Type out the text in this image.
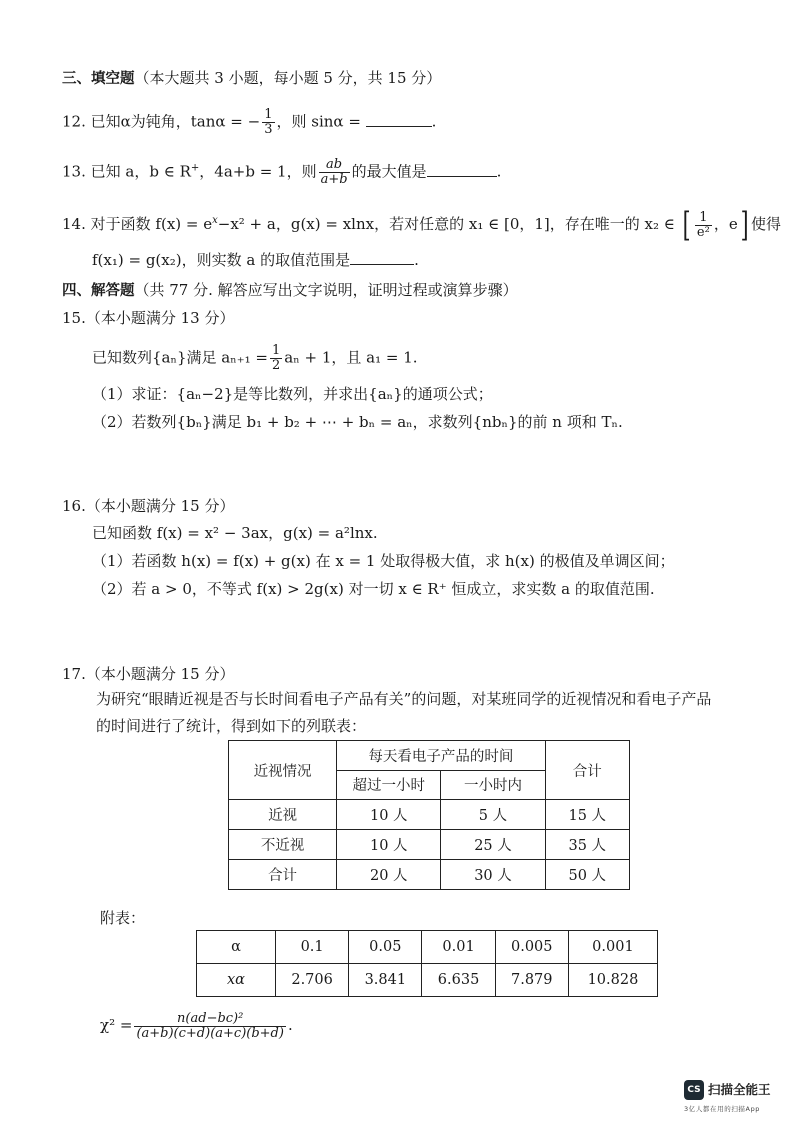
三、填空题（本大题共 3 小题，每小题 5 分，共 15 分）
12. 已知α为钝角，tanα = − $\frac{1}{3}$ ，则 sinα =	.
13. 已知 a，b ∈ R+，4a+b = 1，则 $\frac{ab}{a+b}$ 的最大值是	.
14. 对于函数 $f(x) = e^x-x^2 + a$，g(x) = xlnx，若对任意的 x₁ ∈ [0，1]，存在唯一的 x₂ ∈ [ $\frac{1}{\text{e²}}$ ，e] 使得
f(x₁) = g(x₂)，则实数 a 的取值范围是	.
四、解答题（共 77 分. 解答应写出文字说明，证明过程或演算步骤）
15.（本小题满分 13 分）
已知数列{aₙ}满足 $a_{n+1} = \frac{1}{2}$ aₙ + 1，且 a₁ = 1.
（1）求证：{aₙ−2}是等比数列，并求出{aₙ}的通项公式；
（2）若数列{bₙ}满足 b₁ + b₂ + ⋯ + bₙ = aₙ，求数列{nbₙ}的前 n 项和 Tₙ.
16.（本小题满分 15 分）
已知函数 f(x) = x² − 3ax，g(x) = a²lnx.
（1）若函数 h(x) = f(x) + g(x) 在 x = 1 处取得极大值，求 h(x) 的极值及单调区间；
（2）若 a > 0，不等式 f(x) > 2g(x) 对一切 x ∈ R⁺ 恒成立，求实数 a 的取值范围.
17.（本小题满分 15 分）
为研究“眼睛近视是否与长时间看电子产品有关”的问题，对某班同学的近视情况和看电子产品
的时间进行了统计，得到如下的列联表：
近视情况	每天看电子产品的时间		合计
	超过一小时	一小时内	
近视	10 人	5 人	15 人
不近视	10 人	25 人	35 人
合计	20 人	30 人	50 人
附表：
α	0.1	0.05	0.01	0.005	0.001
xα	2.706	3.841	6.635	7.879	10.828
$\chi^2 = \frac{\text{n(ad−bc)²}}{(a+b)(c+d)(a+c)(b+d)}$ .
CS 扫描全能王
3亿人都在用的扫描App
